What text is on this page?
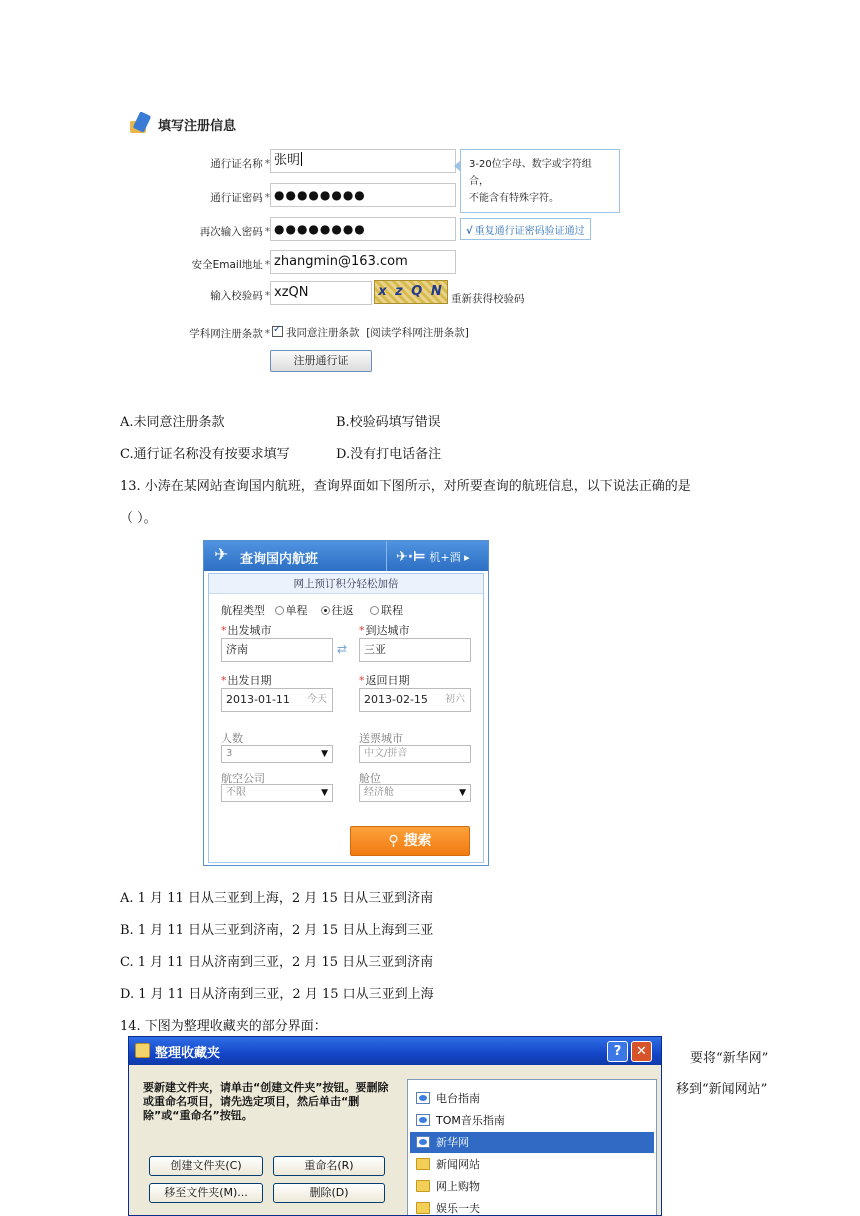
填写注册信息
通行证名称 * 张明	3-20位字母、数字或字符组合，
不能含有特殊字符。
通行证密码 * ●●●●●●●●
再次输入密码 * ●●●●●●●●	√ 重复通行证密码验证通过
安全Email地址 * zhangmin@163.com
输入校验码 * xzQN	x z Q N 重新获得校验码
学科网注册条款 *
✓	我同意注册条款 [阅读学科网注册条款]
注册通行证
A.未同意注册条款	B.校验码填写错误
C.通行证名称没有按要求填写	D.没有打电话备注
13. 小涛在某网站查询国内航班，查询界面如下图所示，对所要查询的航班信息，以下说法正确的是
（ ）。
✈ 查询国内航班	✈·⊨ 机+酒 ▸
网上预订积分轻松加倍
航程类型 单程 往返	联程
*出发城市
济南	⇄
*到达城市
三亚
*出发日期
2013-01-11 今天
*返回日期
2013-02-15 初六
人数
3	▼
送票城市
中文/拼音
航空公司
不限	▼
舱位
经济舱	▼
⚲ 搜索
A. 1 月 11 日从三亚到上海，2 月 15 日从三亚到济南
B. 1 月 11 日从三亚到济南，2 月 15 日从上海到三亚
C. 1 月 11 日从济南到三亚，2 月 15 日从三亚到济南
D. 1 月 11 日从济南到三亚，2 月 15 口从三亚到上海
14. 下图为整理收藏夹的部分界面：
整理收藏夹	?	✕
要新建文件夹，请单击“创建文件夹”按钮。要删除或重命名项目，请先选定项目，然后单击“删除”或“重命名”按钮。
创建文件夹(C)	重命名(R)
移至文件夹(M)...	删除(D)
电台指南
TOM音乐指南
新华网
新闻网站
网上购物
娱乐一夫
要将“新华网”
移到“新闻网站”
